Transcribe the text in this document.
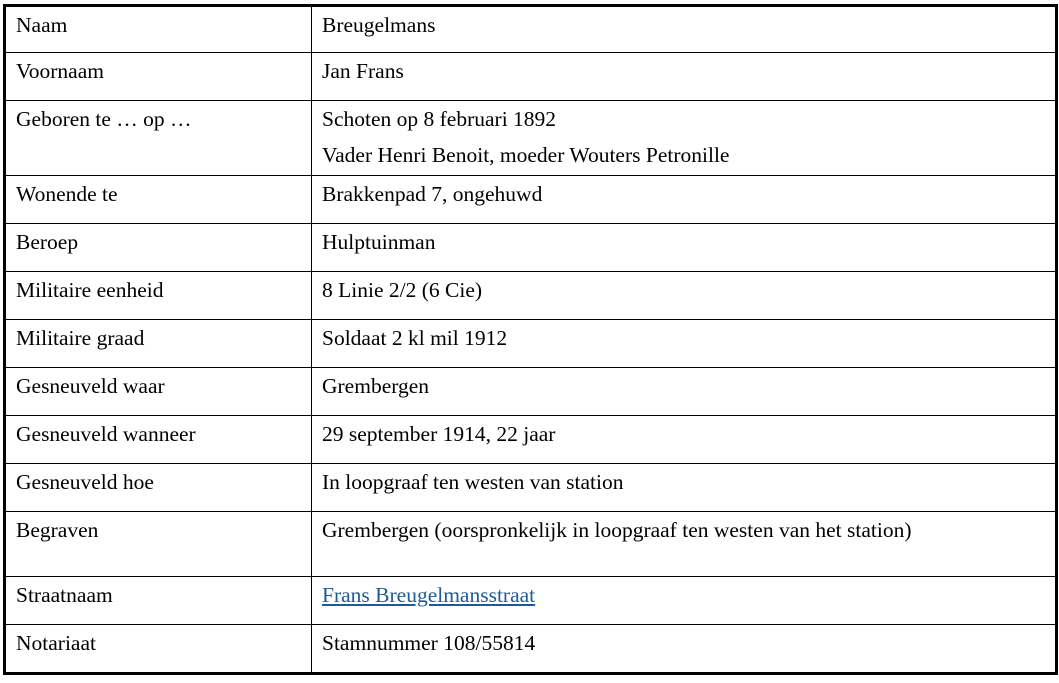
Naam	Breugelmans
Voornaam	Jan Frans
Geboren te … op …	Schoten op 8 februari 1892
Vader Henri Benoit, moeder Wouters Petronille

Wonende te	Brakkenpad 7, ongehuwd
Beroep	Hulptuinman
Militaire eenheid	8 Linie 2/2 (6 Cie)
Militaire graad	Soldaat 2 kl mil 1912
Gesneuveld waar	Grembergen
Gesneuveld wanneer	29 september 1914, 22 jaar
Gesneuveld hoe	In loopgraaf ten westen van station
Begraven	Grembergen (oorspronkelijk in loopgraaf ten westen van het station)
Straatnaam	Frans Breugelmansstraat
Notariaat	Stamnummer 108/55814
